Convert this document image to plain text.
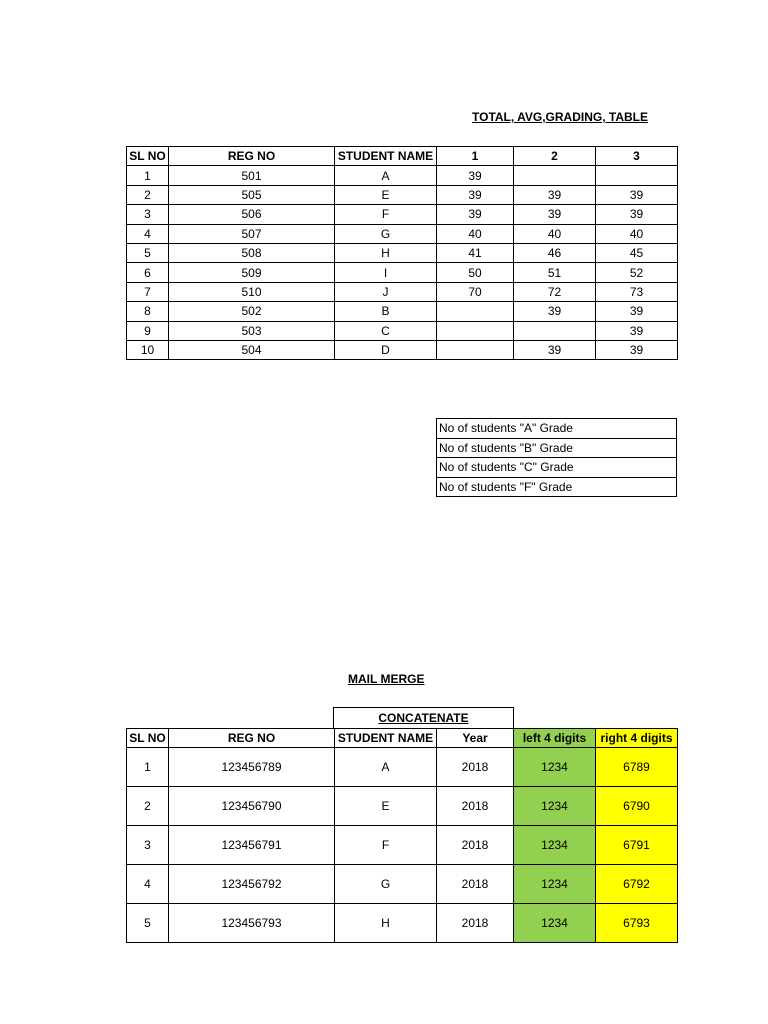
TOTAL, AVG,GRADING, TABLE
SL NO	REG NO	STUDENT NAME	1	2	3
1	501	A	39		
2	505	E	39	39	39
3	506	F	39	39	39
4	507	G	40	40	40
5	508	H	41	46	45
6	509	I	50	51	52
7	510	J	70	72	73
8	502	B		39	39
9	503	C			39
10	504	D		39	39
No of students "A" Grade
No of students "B" Grade
No of students "C" Grade
No of students "F" Grade
MAIL MERGE
CONCATENATE
SL NO	REG NO	STUDENT NAME	Year	left 4 digits	right 4 digits
1	123456789	A	2018	1234	6789
2	123456790	E	2018	1234	6790
3	123456791	F	2018	1234	6791
4	123456792	G	2018	1234	6792
5	123456793	H	2018	1234	6793
